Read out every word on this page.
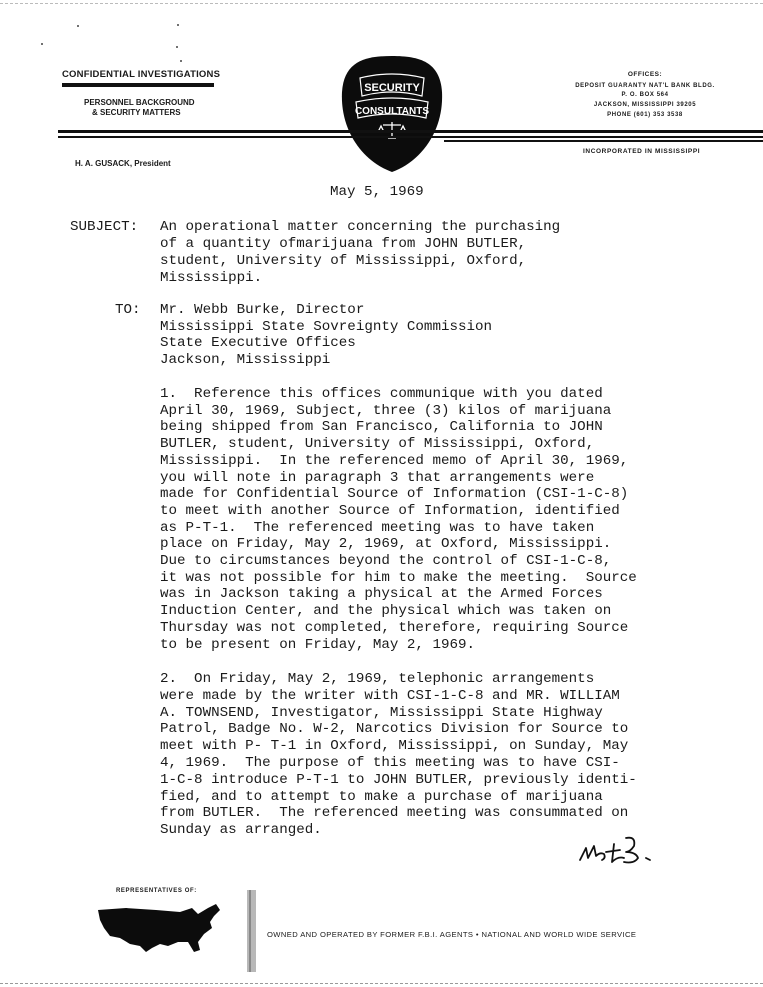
CONFIDENTIAL INVESTIGATIONS
PERSONNEL BACKGROUND
& SECURITY MATTERS
SECURITY
CONSULTANTS
OFFICES:
DEPOSIT GUARANTY NAT'L BANK BLDG.
P. O. BOX 564
JACKSON, MISSISSIPPI 39205
PHONE (601) 353 3538
INCORPORATED IN MISSISSIPPI
H. A. GUSACK, President
May 5, 1969
SUBJECT: An operational matter concerning the purchasing
of a quantity ofmarijuana from JOHN BUTLER,
student, University of Mississippi, Oxford,
Mississippi.
TO: Mr. Webb Burke, Director
Mississippi State Sovreignty Commission
State Executive Offices
Jackson, Mississippi
1.  Reference this offices communique with you dated
April 30, 1969, Subject, three (3) kilos of marijuana
being shipped from San Francisco, California to JOHN
BUTLER, student, University of Mississippi, Oxford,
Mississippi.  In the referenced memo of April 30, 1969,
you will note in paragraph 3 that arrangements were
made for Confidential Source of Information (CSI-1-C-8)
to meet with another Source of Information, identified
as P-T-1.  The referenced meeting was to have taken
place on Friday, May 2, 1969, at Oxford, Mississippi.
Due to circumstances beyond the control of CSI-1-C-8,
it was not possible for him to make the meeting.  Source
was in Jackson taking a physical at the Armed Forces
Induction Center, and the physical which was taken on
Thursday was not completed, therefore, requiring Source
to be present on Friday, May 2, 1969.
2.  On Friday, May 2, 1969, telephonic arrangements
were made by the writer with CSI-1-C-8 and MR. WILLIAM
A. TOWNSEND, Investigator, Mississippi State Highway
Patrol, Badge No. W-2, Narcotics Division for Source to
meet with P- T-1 in Oxford, Mississippi, on Sunday, May
4, 1969.  The purpose of this meeting was to have CSI-
1-C-8 introduce P-T-1 to JOHN BUTLER, previously identi-
fied, and to attempt to make a purchase of marijuana
from BUTLER.  The referenced meeting was consummated on
Sunday as arranged.
REPRESENTATIVES OF:
OWNED AND OPERATED BY FORMER F.B.I. AGENTS • NATIONAL AND WORLD WIDE SERVICE
